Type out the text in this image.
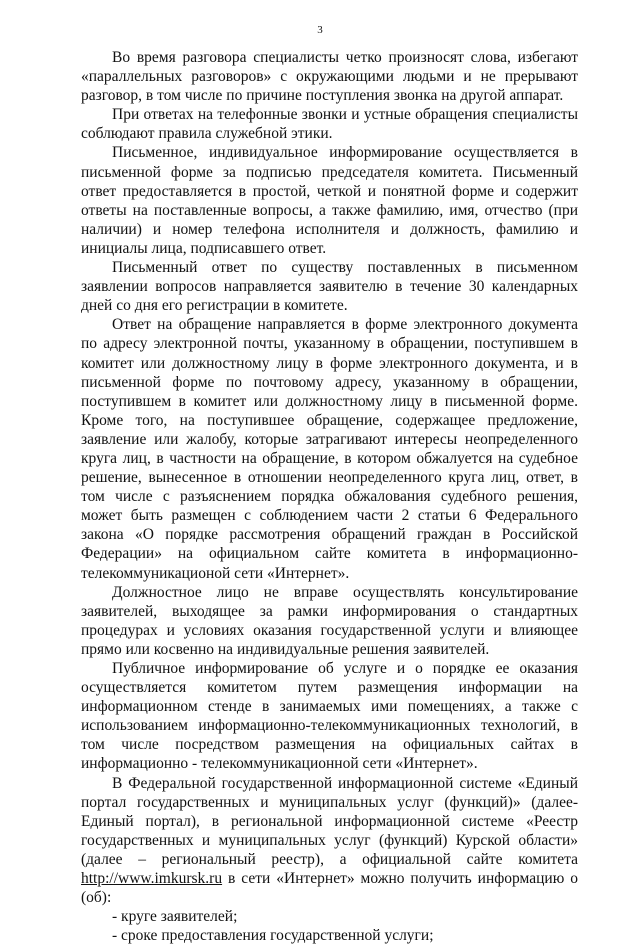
3

Во время разговора специалисты четко произносят слова, избегают «параллельных разговоров» с окружающими людьми и не прерывают разговор, в том числе по причине поступления звонка на другой аппарат.

При ответах на телефонные звонки и устные обращения специалисты соблюдают правила служебной этики.

Письменное, индивидуальное информирование осуществляется в письменной форме за подписью председателя комитета. Письменный ответ предоставляется в простой, четкой и понятной форме и содержит ответы на поставленные вопросы, а также фамилию, имя, отчество (при наличии) и номер телефона исполнителя и должность, фамилию и инициалы лица, подписавшего ответ.

Письменный ответ по существу поставленных в письменном заявлении вопросов направляется заявителю в течение 30 календарных дней со дня его регистрации в комитете.

Ответ на обращение направляется в форме электронного документа по адресу электронной почты, указанному в обращении, поступившем в комитет или должностному лицу в форме электронного документа, и в письменной форме по почтовому адресу, указанному в обращении, поступившем в комитет или должностному лицу в письменной форме. Кроме того, на поступившее обращение, содержащее предложение, заявление или жалобу, которые затрагивают интересы неопределенного круга лиц, в частности на обращение, в котором обжалуется на судебное решение, вынесенное в отношении неопределенного круга лиц, ответ, в том числе с разъяснением порядка обжалования судебного решения, может быть размещен с соблюдением части 2 статьи 6 Федерального закона «О порядке рассмотрения обращений граждан в Российской Федерации» на официальном сайте комитета в информационно-телекоммуникационой сети «Интернет».

Должностное лицо не вправе осуществлять консультирование заявителей, выходящее за рамки информирования о стандартных процедурах и условиях оказания государственной услуги и влияющее прямо или косвенно на индивидуальные решения заявителей.

Публичное информирование об услуге и о порядке ее оказания осуществляется комитетом путем размещения информации на информационном стенде в занимаемых ими помещениях, а также с использованием информационно-телекоммуникационных технологий, в том числе посредством размещения на официальных сайтах в информационно - телекоммуникационной сети «Интернет».

В Федеральной государственной информационной системе «Единый портал государственных и муниципальных услуг (функций)» (далее- Единый портал), в региональной информационной системе «Реестр государственных и муниципальных услуг (функций) Курской области» (далее – региональный реестр), а официальной сайте комитета http://www.imkursk.ru в сети «Интернет» можно получить информацию о (об):

- круге заявителей;

- сроке предоставления государственной услуги;
